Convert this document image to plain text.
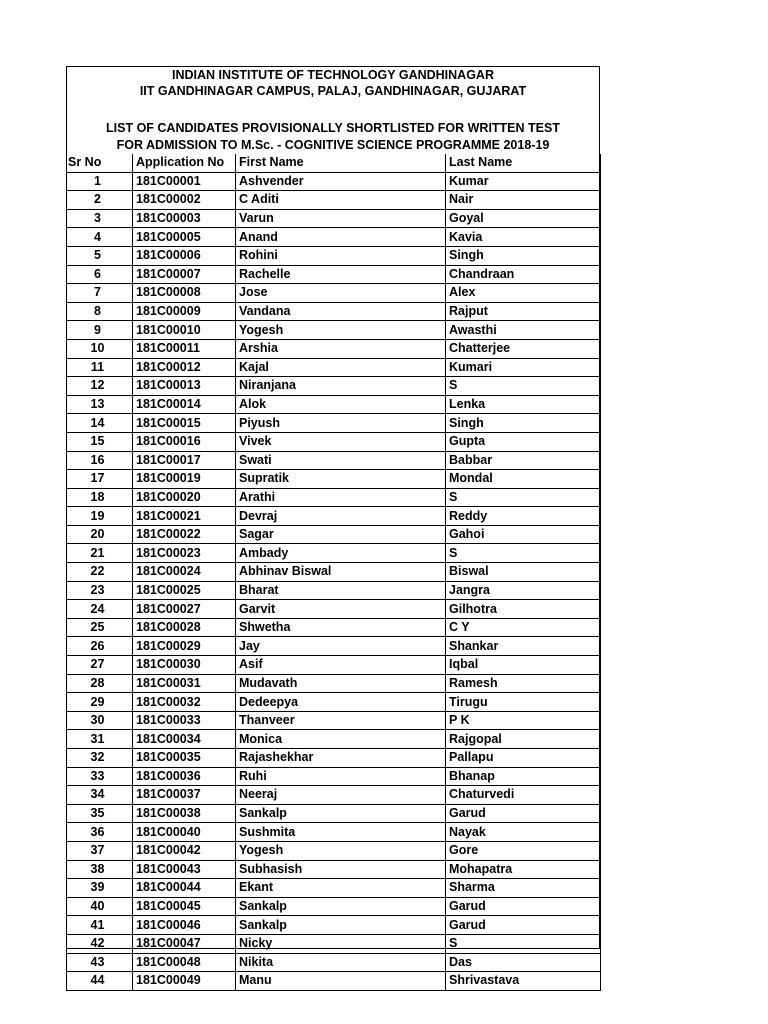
INDIAN INSTITUTE OF TECHNOLOGY GANDHINAGAR
IIT GANDHINAGAR CAMPUS, PALAJ, GANDHINAGAR, GUJARAT
LIST OF CANDIDATES PROVISIONALLY SHORTLISTED FOR WRITTEN TEST
FOR ADMISSION TO M.Sc. - COGNITIVE SCIENCE PROGRAMME 2018-19
Sr No	Application No	First Name	Last Name
1	181C00001	Ashvender	Kumar
2	181C00002	C Aditi	Nair
3	181C00003	Varun	Goyal
4	181C00005	Anand	Kavia
5	181C00006	Rohini	Singh
6	181C00007	Rachelle	Chandraan
7	181C00008	Jose	Alex
8	181C00009	Vandana	Rajput
9	181C00010	Yogesh	Awasthi
10	181C00011	Arshia	Chatterjee
11	181C00012	Kajal	Kumari
12	181C00013	Niranjana	S
13	181C00014	Alok	Lenka
14	181C00015	Piyush	Singh
15	181C00016	Vivek	Gupta
16	181C00017	Swati	Babbar
17	181C00019	Supratik	Mondal
18	181C00020	Arathi	S
19	181C00021	Devraj	Reddy
20	181C00022	Sagar	Gahoi
21	181C00023	Ambady	S
22	181C00024	Abhinav Biswal	Biswal
23	181C00025	Bharat	Jangra
24	181C00027	Garvit	Gilhotra
25	181C00028	Shwetha	C Y
26	181C00029	Jay	Shankar
27	181C00030	Asif	Iqbal
28	181C00031	Mudavath	Ramesh
29	181C00032	Dedeepya	Tirugu
30	181C00033	Thanveer	P K
31	181C00034	Monica	Rajgopal
32	181C00035	Rajashekhar	Pallapu
33	181C00036	Ruhi	Bhanap
34	181C00037	Neeraj	Chaturvedi
35	181C00038	Sankalp	Garud
36	181C00040	Sushmita	Nayak
37	181C00042	Yogesh	Gore
38	181C00043	Subhasish	Mohapatra
39	181C00044	Ekant	Sharma
40	181C00045	Sankalp	Garud
41	181C00046	Sankalp	Garud
42	181C00047	Nicky	S
43	181C00048	Nikita	Das
44	181C00049	Manu	Shrivastava
